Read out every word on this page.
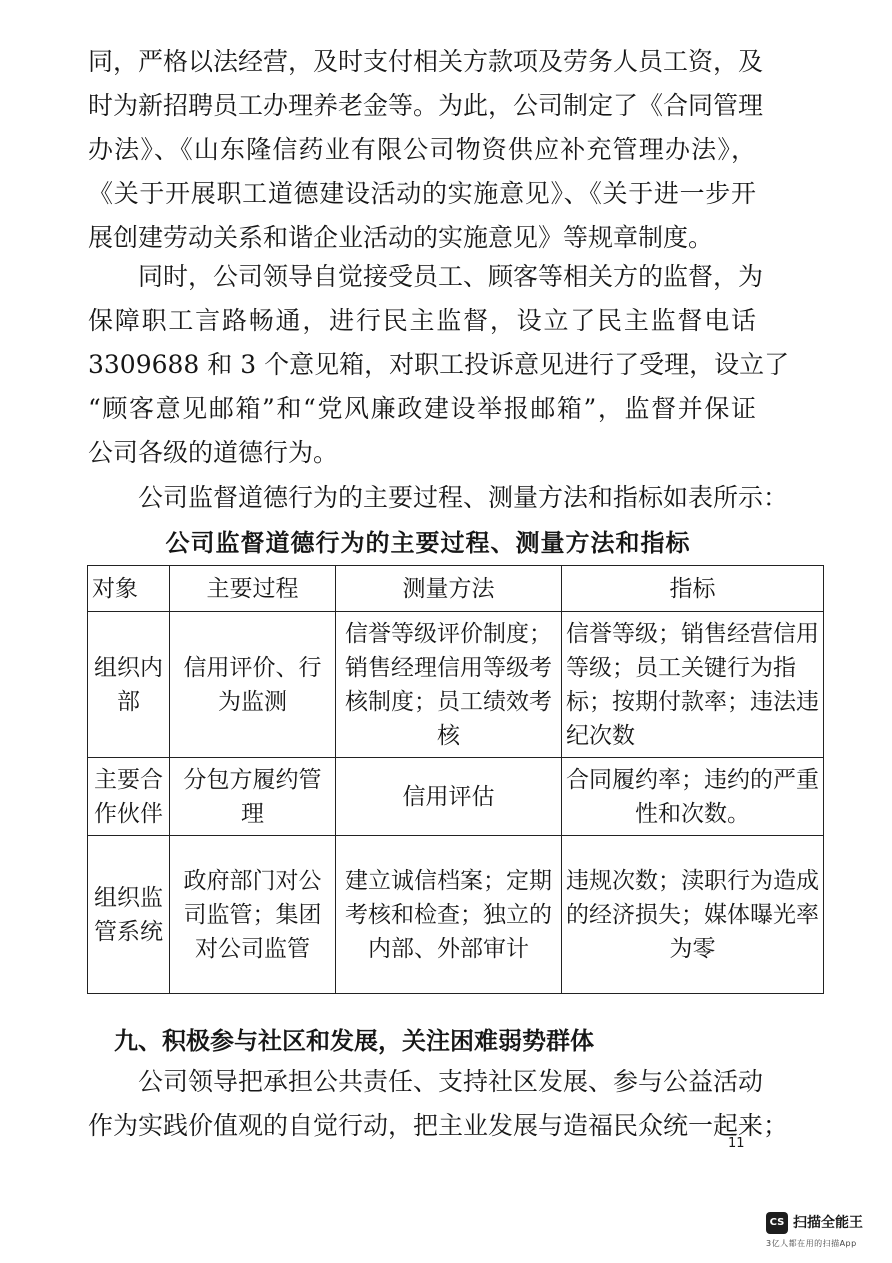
同，严格以法经营，及时支付相关方款项及劳务人员工资，及
时为新招聘员工办理养老金等。为此，公司制定了《合同管理
办法》、《山东隆信药业有限公司物资供应补充管理办法》，
《关于开展职工道德建设活动的实施意见》、《关于进一步开
展创建劳动关系和谐企业活动的实施意见》等规章制度。
同时，公司领导自觉接受员工、顾客等相关方的监督，为
保障职工言路畅通，进行民主监督，设立了民主监督电话
3309688 和 3 个意见箱，对职工投诉意见进行了受理，设立了
“顾客意见邮箱”和“党风廉政建设举报邮箱”，监督并保证
公司各级的道德行为。
公司监督道德行为的主要过程、测量方法和指标如表所示：

公司监督道德行为的主要过程、测量方法和指标

对象	主要过程	测量方法	指标
组织内部	信用评价、行为监测	信誉等级评价制度；销售经理信用等级考核制度；员工绩效考核	信誉等级；销售经营信用等级；员工关键行为指标；按期付款率；违法违纪次数
主要合作伙伴	分包方履约管理	信用评估	合同履约率；违约的严重性和次数。
组织监管系统	政府部门对公司监管；集团对公司监管	建立诚信档案；定期考核和检查；独立的内部、外部审计	违规次数；渎职行为造成的经济损失；媒体曝光率为零

九、积极参与社区和发展，关注困难弱势群体

公司领导把承担公共责任、支持社区发展、参与公益活动
作为实践价值观的自觉行动，把主业发展与造福民众统一起来；
11
CS 扫描全能王
3亿人都在用的扫描App
